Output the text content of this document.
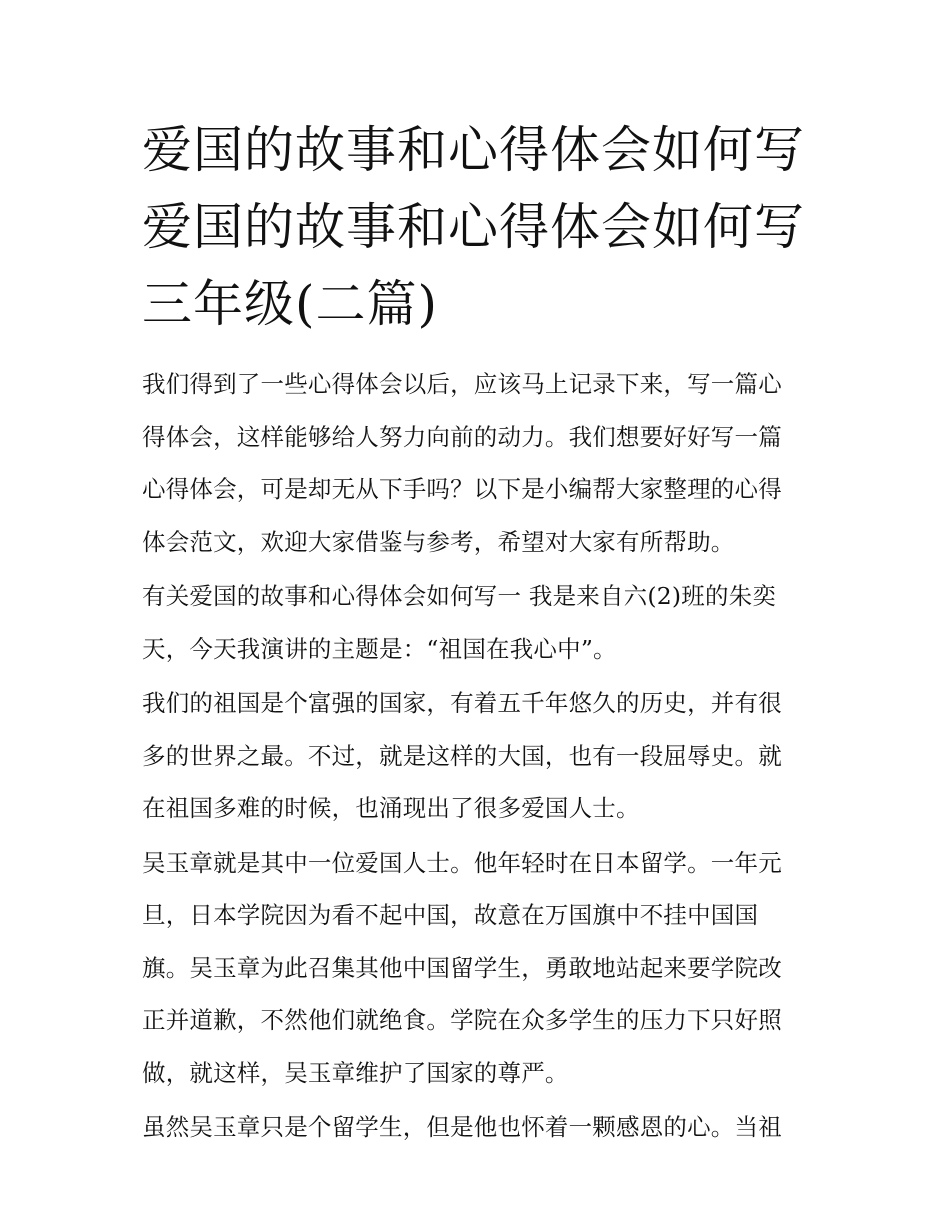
爱国的故事和心得体会如何写
爱国的故事和心得体会如何写
三年级(二篇)

我们得到了一些心得体会以后，应该马上记录下来，写一篇心
得体会，这样能够给人努力向前的动力。我们想要好好写一篇
心得体会，可是却无从下手吗？以下是小编帮大家整理的心得
体会范文，欢迎大家借鉴与参考，希望对大家有所帮助。

有关爱国的故事和心得体会如何写一 我是来自六(2)班的朱奕
天，今天我演讲的主题是：“祖国在我心中”。

我们的祖国是个富强的国家，有着五千年悠久的历史，并有很
多的世界之最。不过，就是这样的大国，也有一段屈辱史。就
在祖国多难的时候，也涌现出了很多爱国人士。

吴玉章就是其中一位爱国人士。他年轻时在日本留学。一年元
旦，日本学院因为看不起中国，故意在万国旗中不挂中国国
旗。吴玉章为此召集其他中国留学生，勇敢地站起来要学院改
正并道歉，不然他们就绝食。学院在众多学生的压力下只好照
做，就这样，吴玉章维护了国家的尊严。

虽然吴玉章只是个留学生，但是他也怀着一颗感恩的心。当祖
